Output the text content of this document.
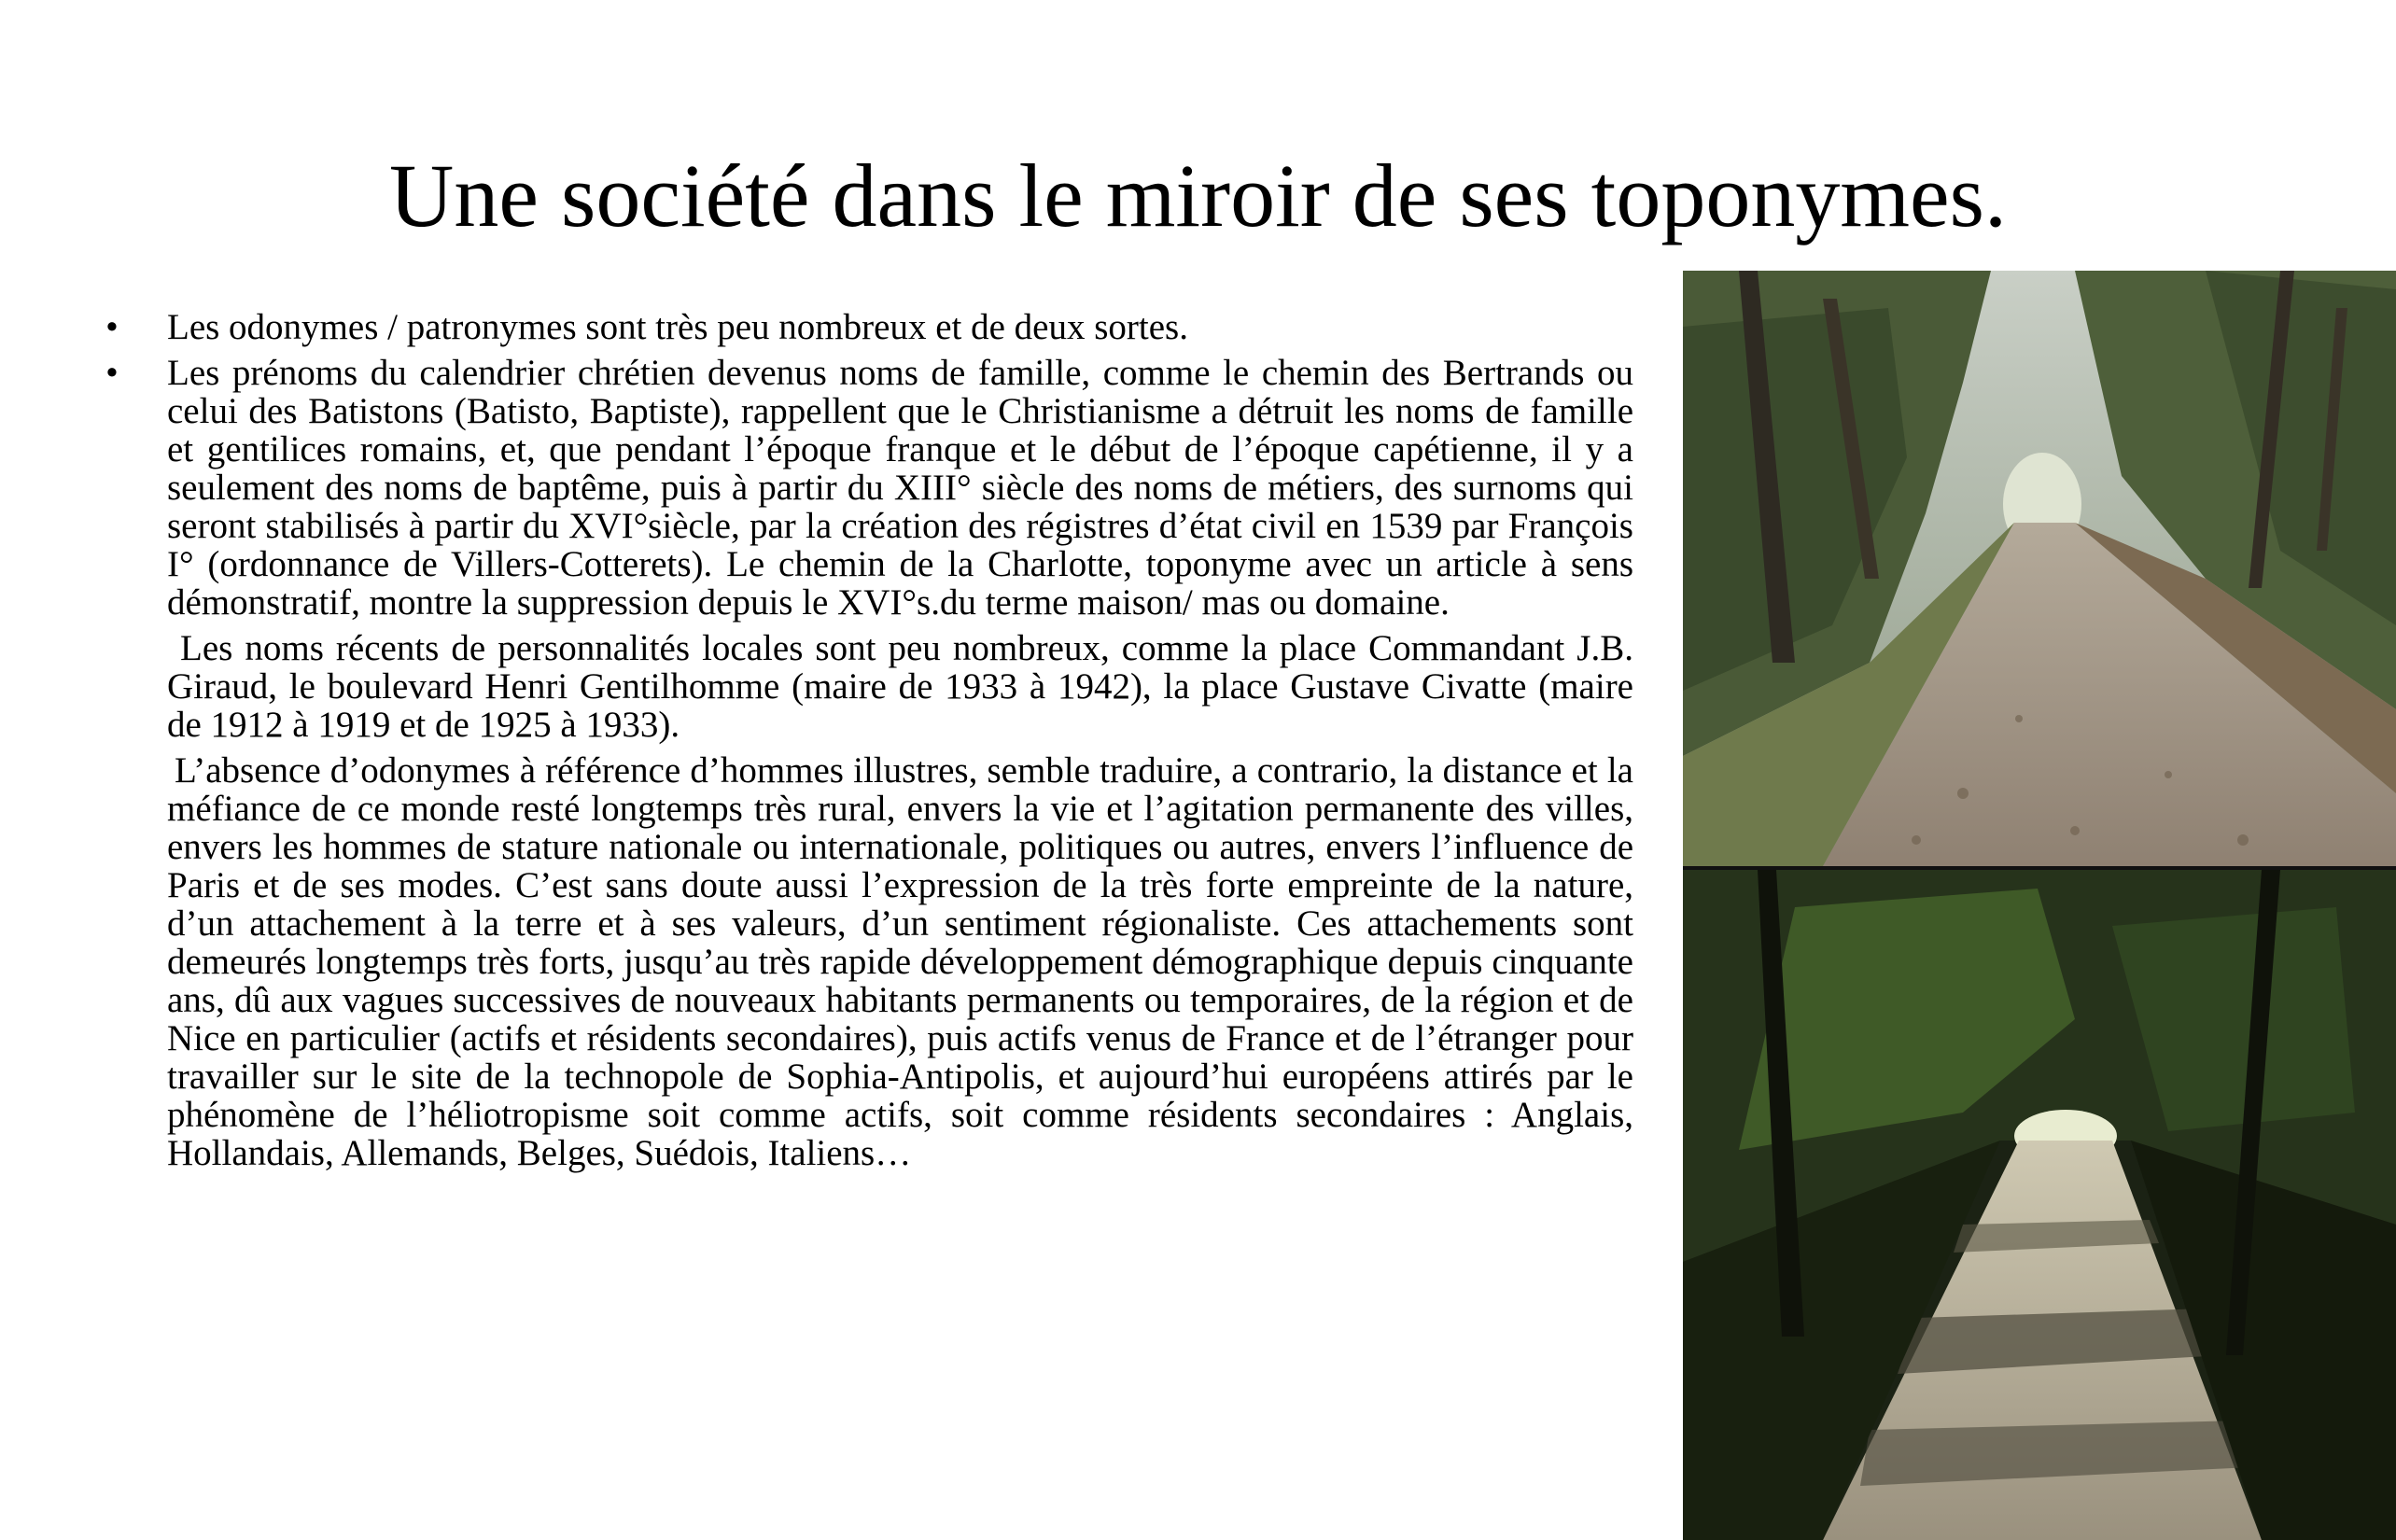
Une société dans le miroir de ses toponymes.
•	Les odonymes / patronymes sont très peu nombreux et de deux sortes.
•	Les prénoms du calendrier chrétien devenus noms de famille, comme le chemin des Bertrands ou celui des Batistons (Batisto, Baptiste), rappellent que le Christianisme a détruit les noms de famille et gentilices romains, et, que pendant l’époque franque et le début de l’époque capétienne, il y a seulement des noms de baptême, puis à partir du XIII° siècle des noms de métiers, des surnoms qui seront stabilisés à partir du XVI°siècle, par la création des régistres d’état civil en 1539 par François I° (ordonnance de Villers-Cotterets). Le chemin de la Charlotte, toponyme avec un article à sens démonstratif, montre la suppression depuis le XVI°s.du terme maison/ mas ou domaine.

Les noms récents de personnalités locales sont peu nombreux, comme la place Commandant J.B. Giraud, le boulevard Henri Gentilhomme (maire de 1933 à 1942), la place Gustave Civatte (maire de 1912 à 1919 et de 1925 à 1933).

L’absence d’odonymes à référence d’hommes illustres, semble traduire, a contrario, la distance et la méfiance de ce monde resté longtemps très rural, envers la vie et l’agitation permanente des villes, envers les hommes de stature nationale ou internationale, politiques ou autres, envers l’influence de Paris et de ses modes. C’est sans doute aussi l’expression de la très forte empreinte de la nature, d’un attachement à la terre et à ses valeurs, d’un sentiment régionaliste. Ces attachements sont demeurés longtemps très forts, jusqu’au très rapide développement démographique depuis cinquante ans, dû aux vagues successives de nouveaux habitants permanents ou temporaires, de la région et de Nice en particulier (actifs et résidents secondaires), puis actifs venus de France et de l’étranger pour travailler sur le site de la technopole de Sophia-Antipolis, et aujourd’hui européens attirés par le phénomène de l’héliotropisme soit comme actifs, soit comme résidents secondaires : Anglais, Hollandais, Allemands, Belges, Suédois, Italiens…
